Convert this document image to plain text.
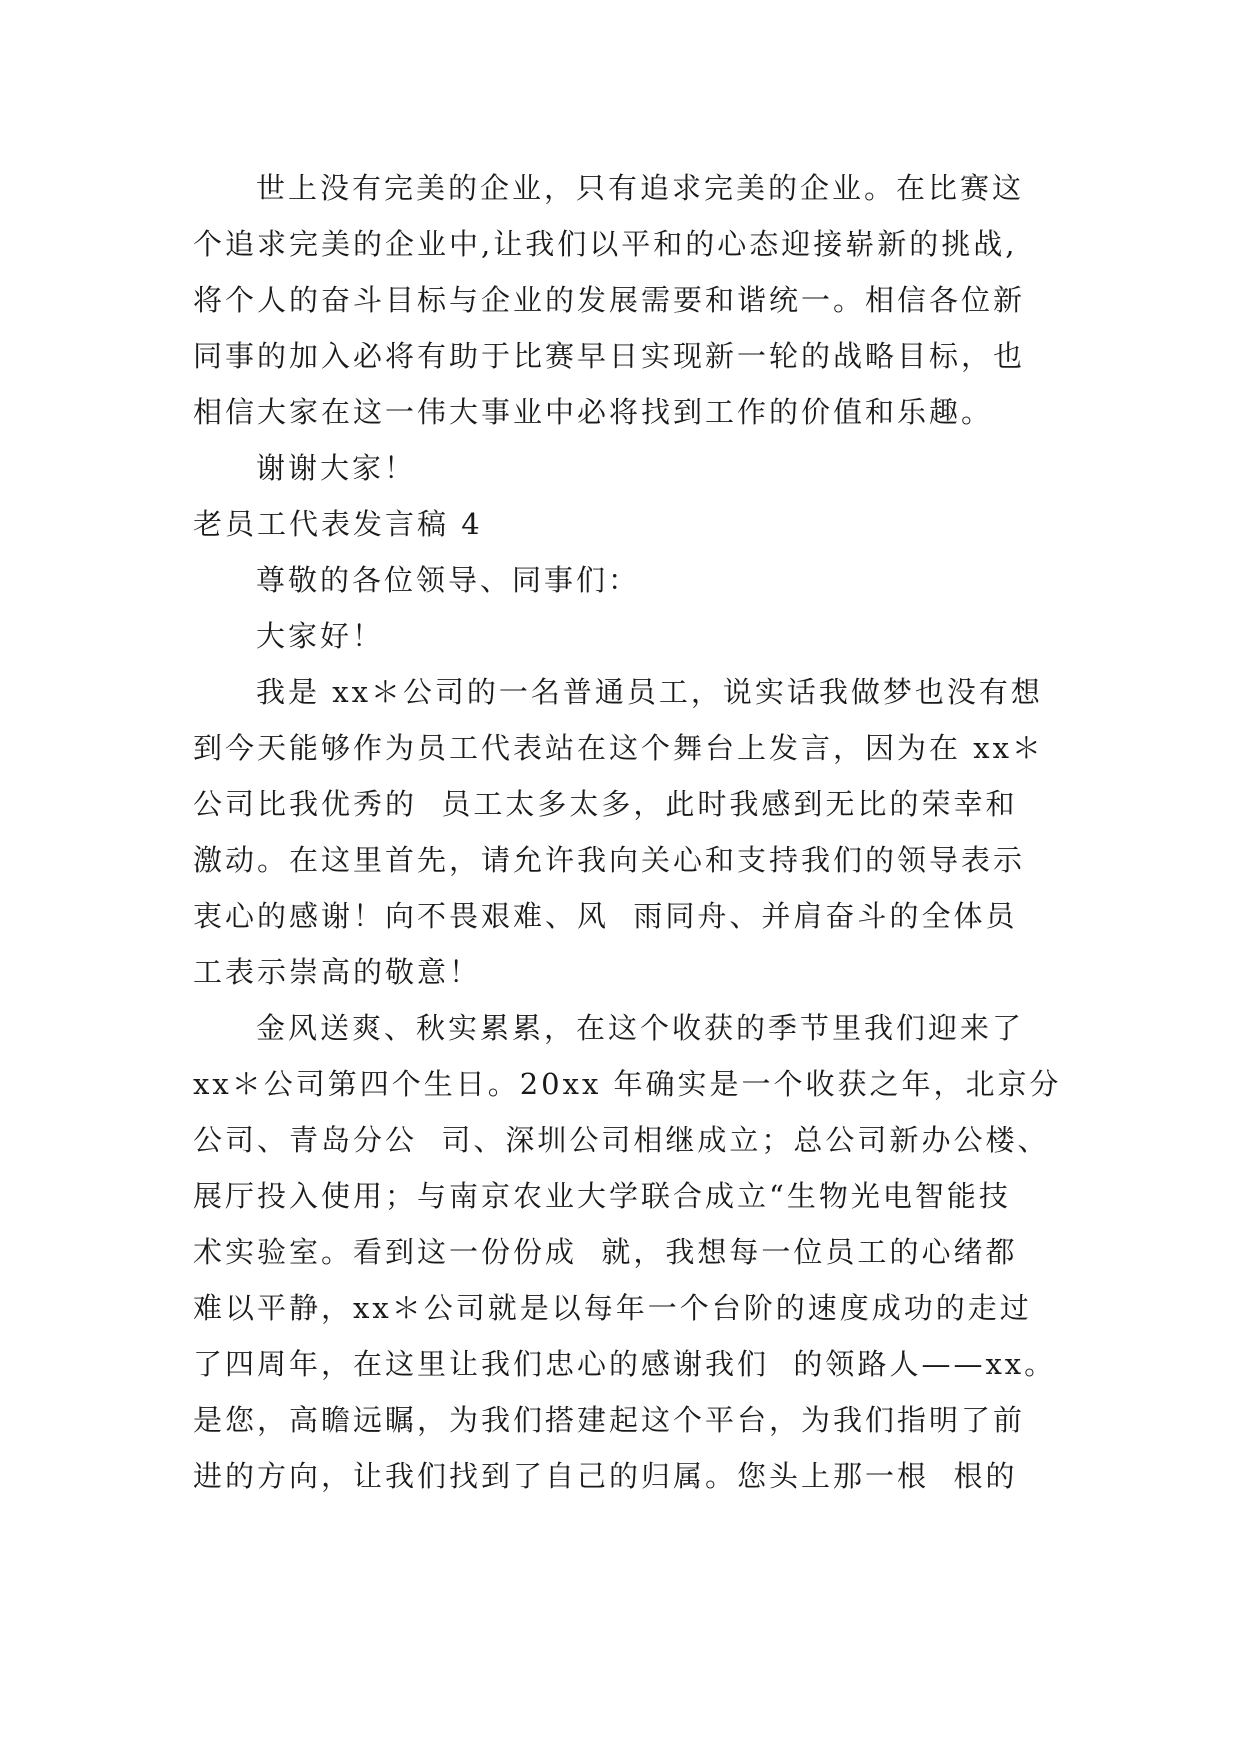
世上没有完美的企业，只有追求完美的企业。在比赛这

个追求完美的企业中,让我们以平和的心态迎接崭新的挑战,

将个人的奋斗目标与企业的发展需要和谐统一。相信各位新

同事的加入必将有助于比赛早日实现新一轮的战略目标，也

相信大家在这一伟大事业中必将找到工作的价值和乐趣。

谢谢大家！

老员工代表发言稿 4

尊敬的各位领导、同事们：

大家好！

我是 xx＊公司的一名普通员工，说实话我做梦也没有想

到今天能够作为员工代表站在这个舞台上发言，因为在 xx＊

公司比我优秀的  员工太多太多，此时我感到无比的荣幸和

激动。在这里首先，请允许我向关心和支持我们的领导表示

衷心的感谢！向不畏艰难、风  雨同舟、并肩奋斗的全体员

工表示崇高的敬意！

金风送爽、秋实累累，在这个收获的季节里我们迎来了

xx＊公司第四个生日。20xx 年确实是一个收获之年，北京分

公司、青岛分公  司、深圳公司相继成立；总公司新办公楼、

展厅投入使用；与南京农业大学联合成立“生物光电智能技

术实验室。看到这一份份成  就，我想每一位员工的心绪都

难以平静，xx＊公司就是以每年一个台阶的速度成功的走过

了四周年，在这里让我们忠心的感谢我们  的领路人——xx。

是您，高瞻远瞩，为我们搭建起这个平台，为我们指明了前

进的方向，让我们找到了自己的归属。您头上那一根  根的
